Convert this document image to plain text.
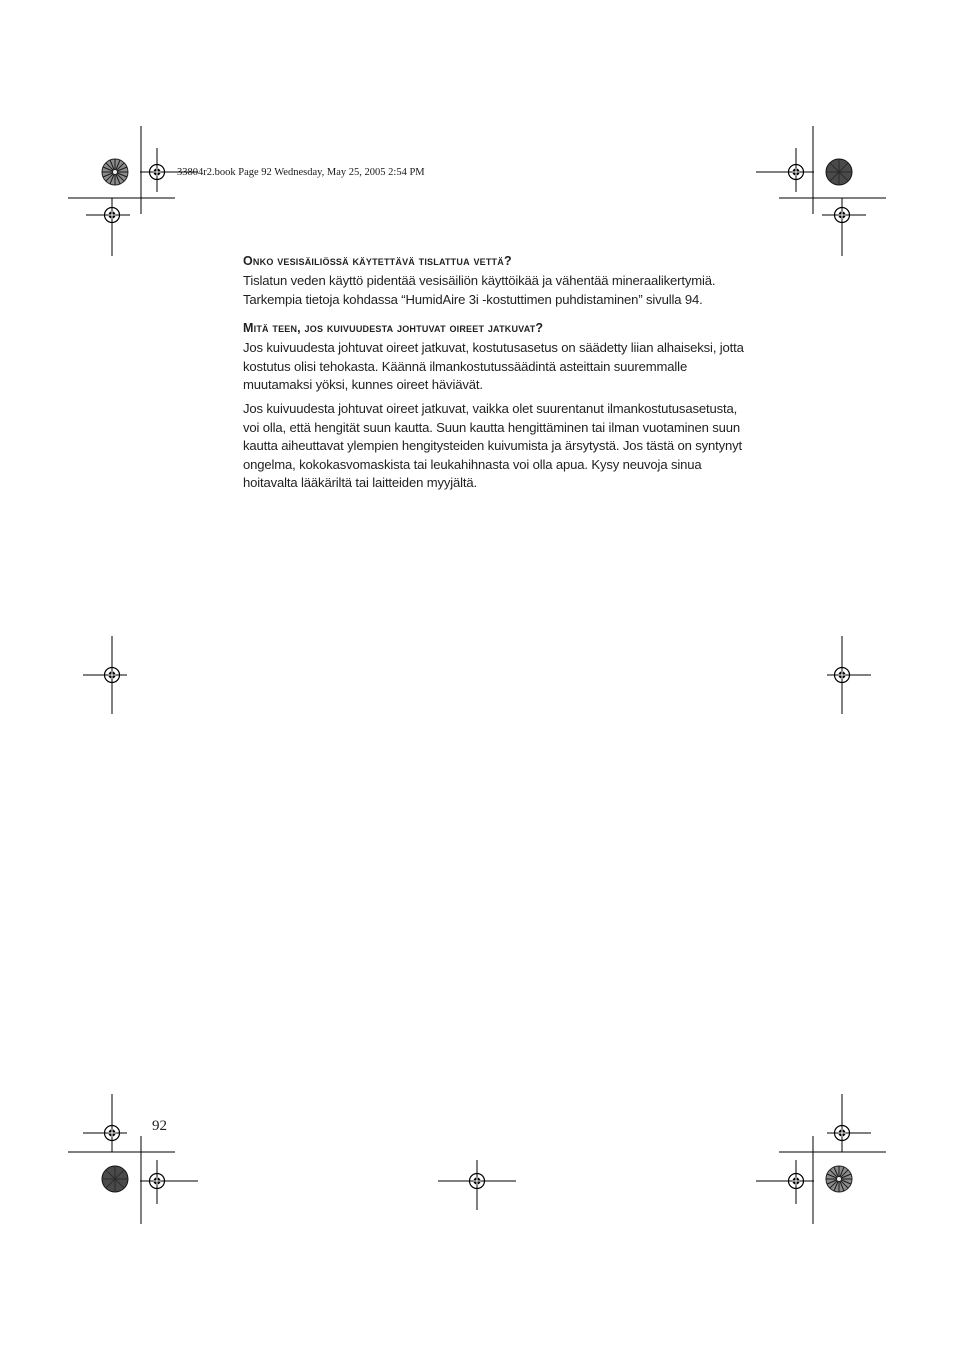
33804r2.book Page 92 Wednesday, May 25, 2005 2:54 PM
Onko vesisäiliössä käytettävä tislattua vettä?

Tislatun veden käyttö pidentää vesisäiliön käyttöikää ja vähentää mineraalikertymiä. Tarkempia tietoja kohdassa “HumidAire 3i -kostuttimen puhdistaminen” sivulla 94.

Mitä teen, jos kuivuudesta johtuvat oireet jatkuvat?

Jos kuivuudesta johtuvat oireet jatkuvat, kostutusasetus on säädetty liian alhaiseksi, jotta kostutus olisi tehokasta. Käännä ilmankostutussäädintä asteittain suuremmalle muutamaksi yöksi, kunnes oireet häviävät.

Jos kuivuudesta johtuvat oireet jatkuvat, vaikka olet suurentanut ilmankostutusasetusta, voi olla, että hengität suun kautta. Suun kautta hengittäminen tai ilman vuotaminen suun kautta aiheuttavat ylempien hengitysteiden kuivumista ja ärsytystä. Jos tästä on syntynyt ongelma, kokokasvomaskista tai leukahihnasta voi olla apua. Kysy neuvoja sinua hoitavalta lääkäriltä tai laitteiden myyjältä.

92
